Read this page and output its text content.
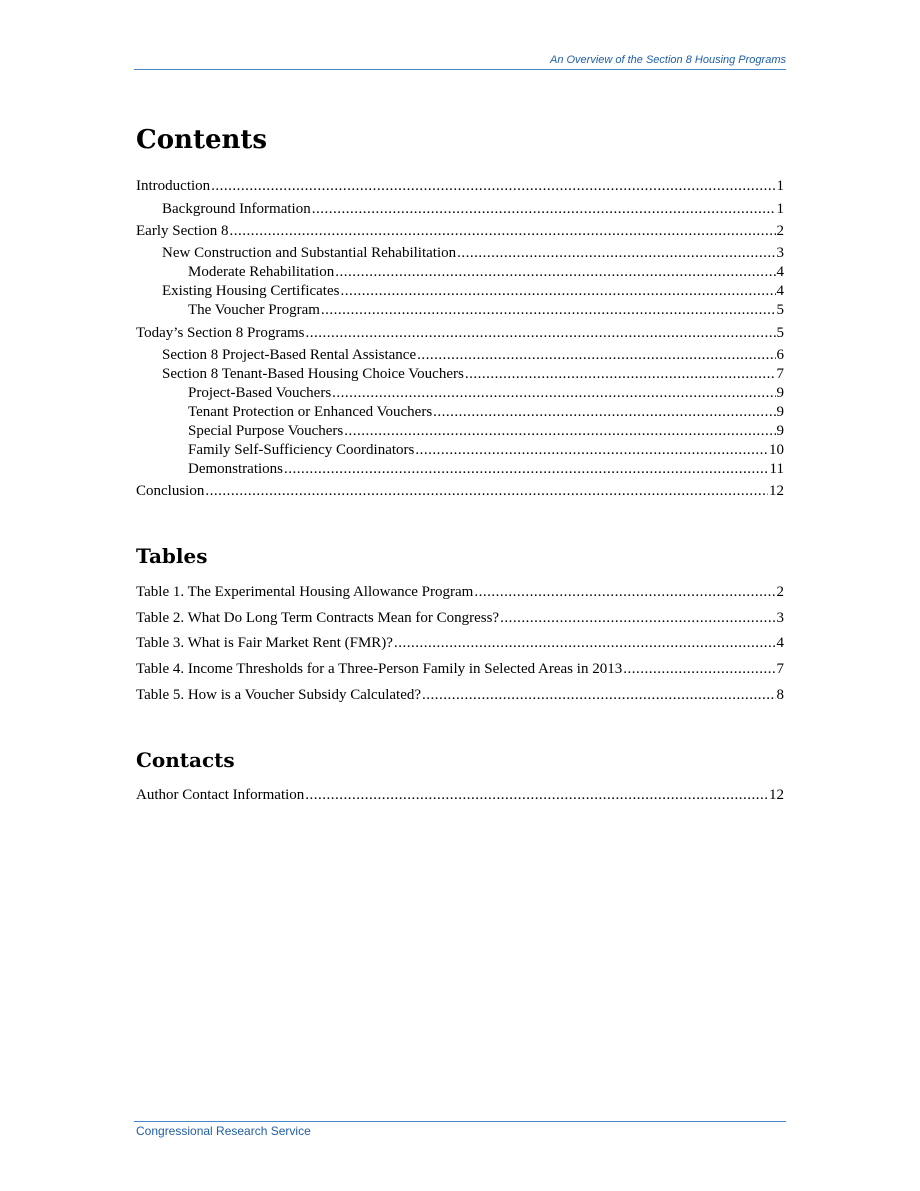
An Overview of the Section 8 Housing Programs
Contents
Introduction .....	1
Background Information .....	1
Early Section 8 .....	2
New Construction and Substantial Rehabilitation .....	3
Moderate Rehabilitation .....	4
Existing Housing Certificates .....	4
The Voucher Program .....	5
Today’s Section 8 Programs .....	5
Section 8 Project-Based Rental Assistance .....	6
Section 8 Tenant-Based Housing Choice Vouchers .....	7
Project-Based Vouchers .....	9
Tenant Protection or Enhanced Vouchers .....	9
Special Purpose Vouchers .....	9
Family Self-Sufficiency Coordinators .....	10
Demonstrations .....	11
Conclusion .....	12
Tables
Table 1. The Experimental Housing Allowance Program .....	2
Table 2. What Do Long Term Contracts Mean for Congress? .....	3
Table 3. What is Fair Market Rent (FMR)? .....	4
Table 4. Income Thresholds for a Three-Person Family in Selected Areas in 2013 .....	7
Table 5. How is a Voucher Subsidy Calculated? .....	8
Contacts
Author Contact Information .....	12
Congressional Research Service
